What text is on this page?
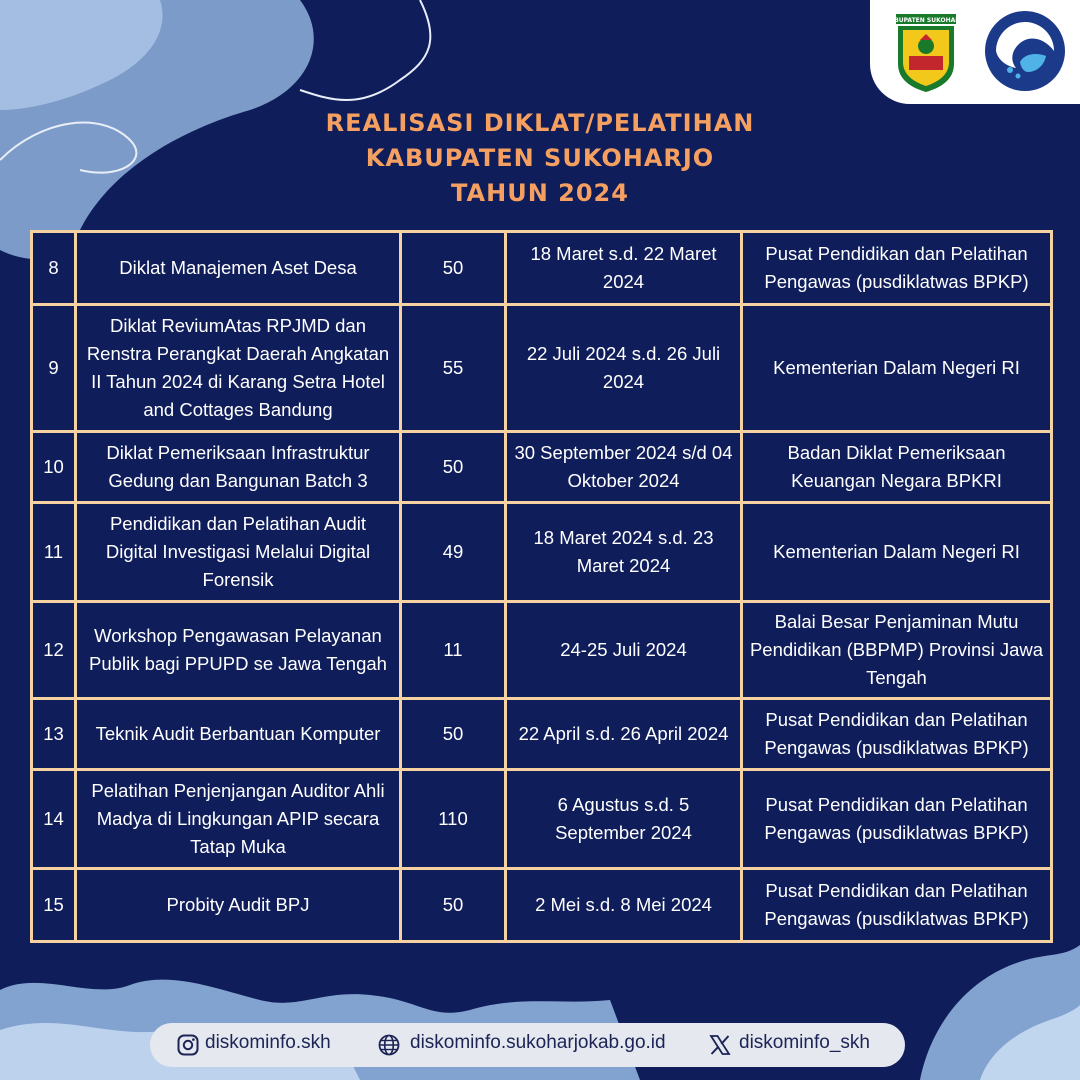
KABUPATEN SUKOHARJO
REALISASI DIKLAT/PELATIHAN
KABUPATEN SUKOHARJO
TAHUN 2024
8	Diklat Manajemen Aset Desa	50	18 Maret s.d. 22 Maret 2024	Pusat Pendidikan dan Pelatihan Pengawas (pusdiklatwas BPKP)
9	Diklat ReviumAtas RPJMD dan Renstra Perangkat Daerah Angkatan II Tahun 2024 di Karang Setra Hotel and Cottages Bandung	55	22 Juli 2024 s.d. 26 Juli 2024	Kementerian Dalam Negeri RI
10	Diklat Pemeriksaan Infrastruktur Gedung dan Bangunan Batch 3	50	30 September 2024 s/d 04 Oktober 2024	Badan Diklat Pemeriksaan Keuangan Negara BPKRI
11	Pendidikan dan Pelatihan Audit Digital Investigasi Melalui Digital Forensik	49	18 Maret 2024 s.d. 23 Maret 2024	Kementerian Dalam Negeri RI
12	Workshop Pengawasan Pelayanan Publik bagi PPUPD se Jawa Tengah	11	24-25 Juli 2024	Balai Besar Penjaminan Mutu Pendidikan (BBPMP) Provinsi Jawa Tengah
13	Teknik Audit Berbantuan Komputer	50	22 April s.d. 26 April 2024	Pusat Pendidikan dan Pelatihan Pengawas (pusdiklatwas BPKP)
14	Pelatihan Penjenjangan Auditor Ahli Madya di Lingkungan APIP secara Tatap Muka	110	6 Agustus s.d. 5 September 2024	Pusat Pendidikan dan Pelatihan Pengawas (pusdiklatwas BPKP)
15	Probity Audit BPJ	50	2 Mei s.d. 8 Mei 2024	Pusat Pendidikan dan Pelatihan Pengawas (pusdiklatwas BPKP)
Sumber : Open Data Sukoharjo
diskominfo.skh	diskominfo.sukoharjokab.go.id	diskominfo_skh
